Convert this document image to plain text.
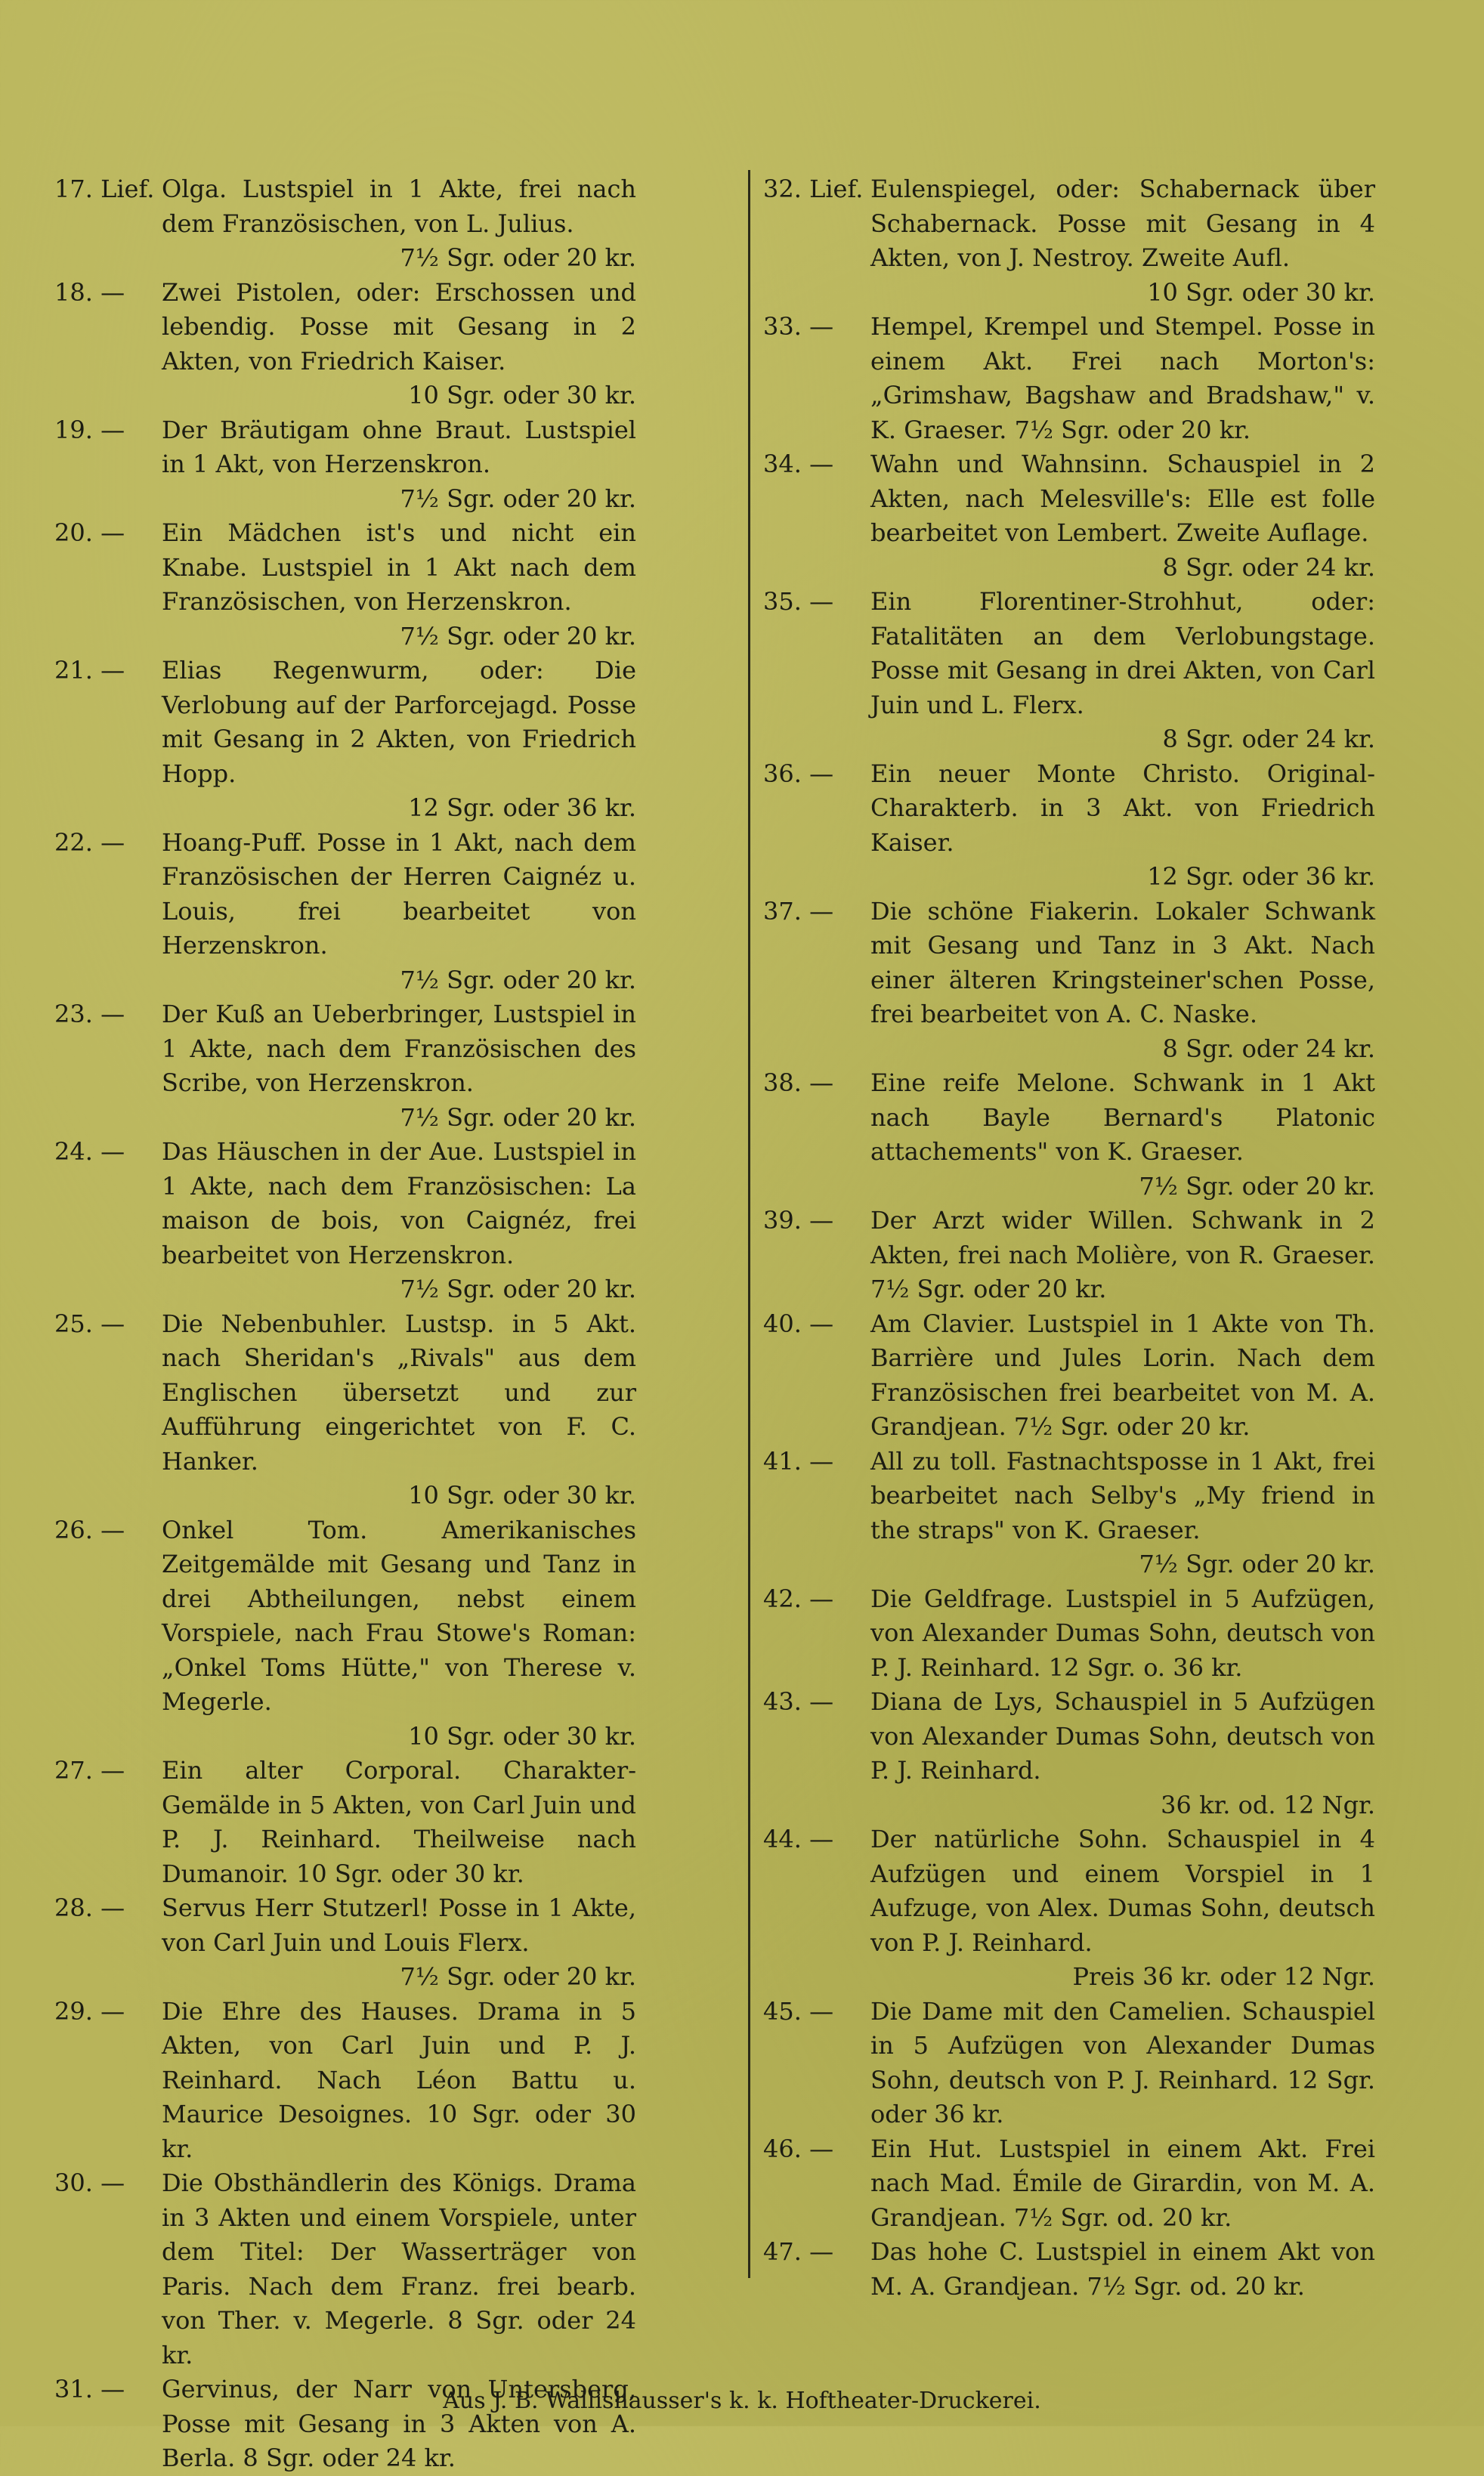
17. Lief. Olga. Lustspiel in 1 Akte, frei nach dem Französischen, von L. Julius.
7½ Sgr. oder 20 kr.
18. —	Zwei Pistolen, oder: Erschossen und lebendig. Posse mit Gesang in 2 Akten, von Friedrich Kaiser.
10 Sgr. oder 30 kr.
19. —	Der Bräutigam ohne Braut. Lustspiel in 1 Akt, von Herzenskron.
7½ Sgr. oder 20 kr.
20. —	Ein Mädchen ist's und nicht ein Knabe. Lustspiel in 1 Akt nach dem Französischen, von Herzenskron.
7½ Sgr. oder 20 kr.
21. —	Elias Regenwurm, oder: Die Verlobung auf der Parforcejagd. Posse mit Gesang in 2 Akten, von Friedrich Hopp.
12 Sgr. oder 36 kr.
22. —	Hoang-Puff. Posse in 1 Akt, nach dem Französischen der Herren Caignéz u. Louis, frei bearbeitet von Herzenskron.
7½ Sgr. oder 20 kr.
23. —	Der Kuß an Ueberbringer, Lustspiel in 1 Akte, nach dem Französischen des Scribe, von Herzenskron.
7½ Sgr. oder 20 kr.
24. —	Das Häuschen in der Aue. Lustspiel in 1 Akte, nach dem Französischen: La maison de bois, von Caignéz, frei bearbeitet von Herzenskron.
7½ Sgr. oder 20 kr.
25. —	Die Nebenbuhler. Lustsp. in 5 Akt. nach Sheridan's „Rivals" aus dem Englischen übersetzt und zur Aufführung eingerichtet von F. C. Hanker.
10 Sgr. oder 30 kr.
26. —	Onkel Tom. Amerikanisches Zeitgemälde mit Gesang und Tanz in drei Abtheilungen, nebst einem Vorspiele, nach Frau Stowe's Roman: „Onkel Toms Hütte," von Therese v. Megerle.
10 Sgr. oder 30 kr.
27. —	Ein alter Corporal. Charakter-Gemälde in 5 Akten, von Carl Juin und P. J. Reinhard. Theilweise nach Dumanoir. 10 Sgr. oder 30 kr.
28. —	Servus Herr Stutzerl! Posse in 1 Akte, von Carl Juin und Louis Flerx.
7½ Sgr. oder 20 kr.
29. —	Die Ehre des Hauses. Drama in 5 Akten, von Carl Juin und P. J. Reinhard. Nach Léon Battu u. Maurice Desoignes. 10 Sgr. oder 30 kr.
30. —	Die Obsthändlerin des Königs. Drama in 3 Akten und einem Vorspiele, unter dem Titel: Der Wasserträger von Paris. Nach dem Franz. frei bearb. von Ther. v. Megerle. 8 Sgr. oder 24 kr.
31. —	Gervinus, der Narr von Untersberg, Posse mit Gesang in 3 Akten von A. Berla. 8 Sgr. oder 24 kr.
32. Lief. Eulenspiegel, oder: Schabernack über Schabernack. Posse mit Gesang in 4 Akten, von J. Nestroy. Zweite Aufl.
10 Sgr. oder 30 kr.
33. —	Hempel, Krempel und Stempel. Posse in einem Akt. Frei nach Morton's: „Grimshaw, Bagshaw and Bradshaw," v. K. Graeser. 7½ Sgr. oder 20 kr.
34. —	Wahn und Wahnsinn. Schauspiel in 2 Akten, nach Melesville's: Elle est folle bearbeitet von Lembert. Zweite Auflage.
8 Sgr. oder 24 kr.
35. —	Ein Florentiner-Strohhut, oder: Fatalitäten an dem Verlobungstage. Posse mit Gesang in drei Akten, von Carl Juin und L. Flerx.
8 Sgr. oder 24 kr.
36. —	Ein neuer Monte Christo. Original-Charakterb. in 3 Akt. von Friedrich Kaiser.
12 Sgr. oder 36 kr.
37. —	Die schöne Fiakerin. Lokaler Schwank mit Gesang und Tanz in 3 Akt. Nach einer älteren Kringsteiner'schen Posse, frei bearbeitet von A. C. Naske.
8 Sgr. oder 24 kr.
38. —	Eine reife Melone. Schwank in 1 Akt nach Bayle Bernard's Platonic attachements" von K. Graeser.
7½ Sgr. oder 20 kr.
39. —	Der Arzt wider Willen. Schwank in 2 Akten, frei nach Molière, von R. Graeser. 7½ Sgr. oder 20 kr.
40. —	Am Clavier. Lustspiel in 1 Akte von Th. Barrière und Jules Lorin. Nach dem Französischen frei bearbeitet von M. A. Grandjean. 7½ Sgr. oder 20 kr.
41. —	All zu toll. Fastnachtsposse in 1 Akt, frei bearbeitet nach Selby's „My friend in the straps" von K. Graeser.
7½ Sgr. oder 20 kr.
42. —	Die Geldfrage. Lustspiel in 5 Aufzügen, von Alexander Dumas Sohn, deutsch von P. J. Reinhard. 12 Sgr. o. 36 kr.
43. —	Diana de Lys, Schauspiel in 5 Aufzügen von Alexander Dumas Sohn, deutsch von P. J. Reinhard.
36 kr. od. 12 Ngr.
44. —	Der natürliche Sohn. Schauspiel in 4 Aufzügen und einem Vorspiel in 1 Aufzuge, von Alex. Dumas Sohn, deutsch von P. J. Reinhard.
Preis 36 kr. oder 12 Ngr.
45. —	Die Dame mit den Camelien. Schauspiel in 5 Aufzügen von Alexander Dumas Sohn, deutsch von P. J. Reinhard. 12 Sgr. oder 36 kr.
46. —	Ein Hut. Lustspiel in einem Akt. Frei nach Mad. Émile de Girardin, von M. A. Grandjean. 7½ Sgr. od. 20 kr.
47. —	Das hohe C. Lustspiel in einem Akt von M. A. Grandjean. 7½ Sgr. od. 20 kr.
Aus J. B. Wallishausser's k. k. Hoftheater-Druckerei.
